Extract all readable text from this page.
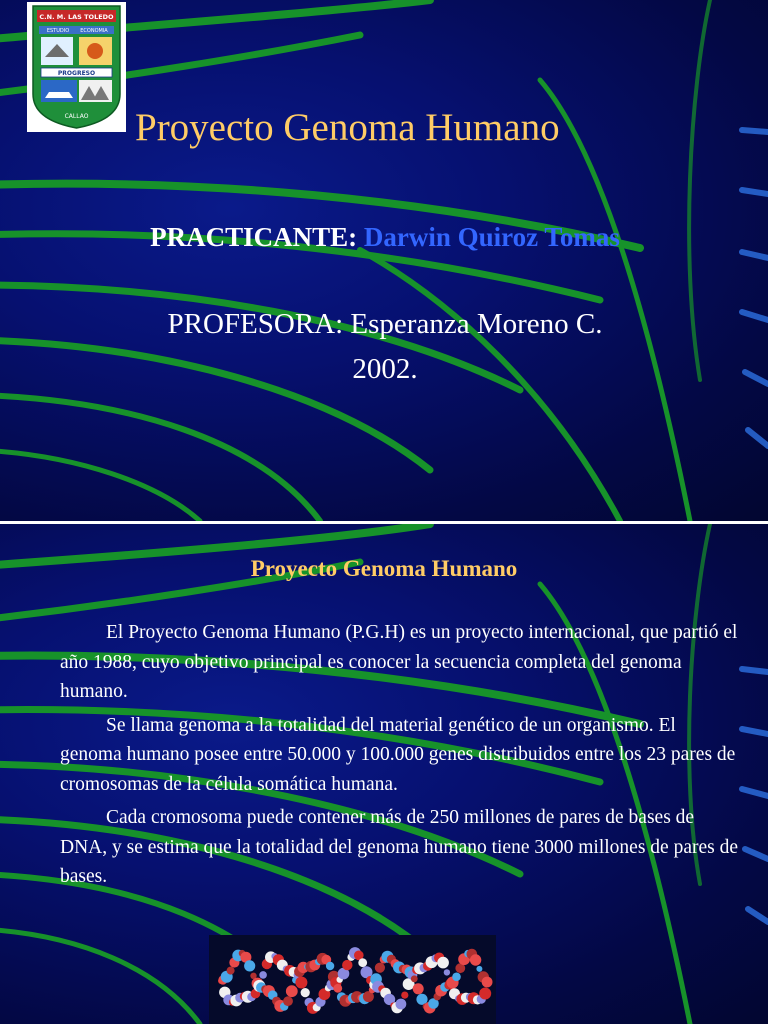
C.N. M. LAS TOLEDO
ESTUDIO ECONOMIA
PROGRESO
CALLAO Proyecto Genoma Humano
PRACTICANTE: Darwin Quiroz Tomas
PROFESORA: Esperanza Moreno C.
2002.
Proyecto Genoma Humano

El Proyecto Genoma Humano (P.G.H) es un proyecto internacional, que partió el año 1988, cuyo objetivo principal es conocer la secuencia completa del genoma humano.

Se llama genoma a la totalidad del material genético de un organismo. El genoma humano posee entre 50.000 y 100.000 genes distribuidos entre los 23 pares de cromosomas de la célula somática humana.

Cada cromosoma puede contener más de 250 millones de pares de bases de DNA, y se estima que la totalidad del genoma humano tiene 3000 millones de pares de bases.
